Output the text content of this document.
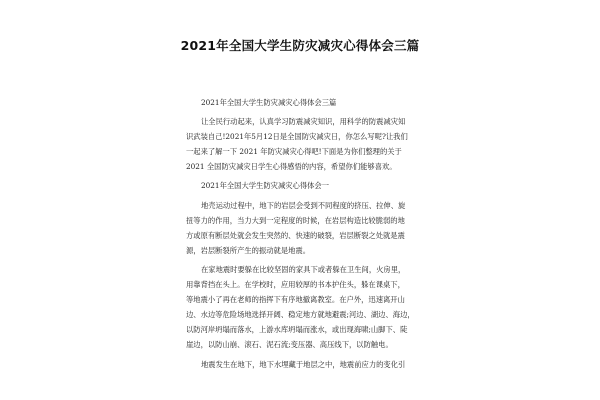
2021年全国大学生防灾减灾心得体会三篇
2021年全国大学生防灾减灾心得体会三篇
让全民行动起来，认真学习防震减灾知识，用科学的防震减灾知
识武装自己!2021年5月12日是全国防灾减灾日，你怎么写呢?让我们
一起来了解一下 2021 年防灾减灾心得吧!下面是为你们整理的关于
2021 全国防灾减灾日学生心得感悟的内容，希望你们能够喜欢。
2021年全国大学生防灾减灾心得体会一
地壳运动过程中，地下的岩层会受到不同程度的挤压、拉伸、旋
扭等力的作用，当力大到一定程度的时候，在岩层构造比较脆弱的地
方或原有断层处就会发生突然的、快速的破裂，岩层断裂之处就是震
源，岩层断裂所产生的振动就是地震。
在家地震时要躲在比较坚固的家具下或者躲在卫生间，火房里，
用靠背挡在头上。在学校时，应用较厚的书本护住头，躲在课桌下，
等地震小了再在老师的指挥下有序地撤离教室。在户外，迅速离开山
边、水边等危险场地选择开阔、稳定地方就地避震;河边、湖边、海边，
以防河岸坍塌而落水，上游水库坍塌而涨水，或出现海啸;山脚下、陡
崖边，以防山崩、滚石、泥石流;变压器、高压线下，以防触电。
地震发生在地下，地下水埋藏于地层之中，地震前应力的变化引
